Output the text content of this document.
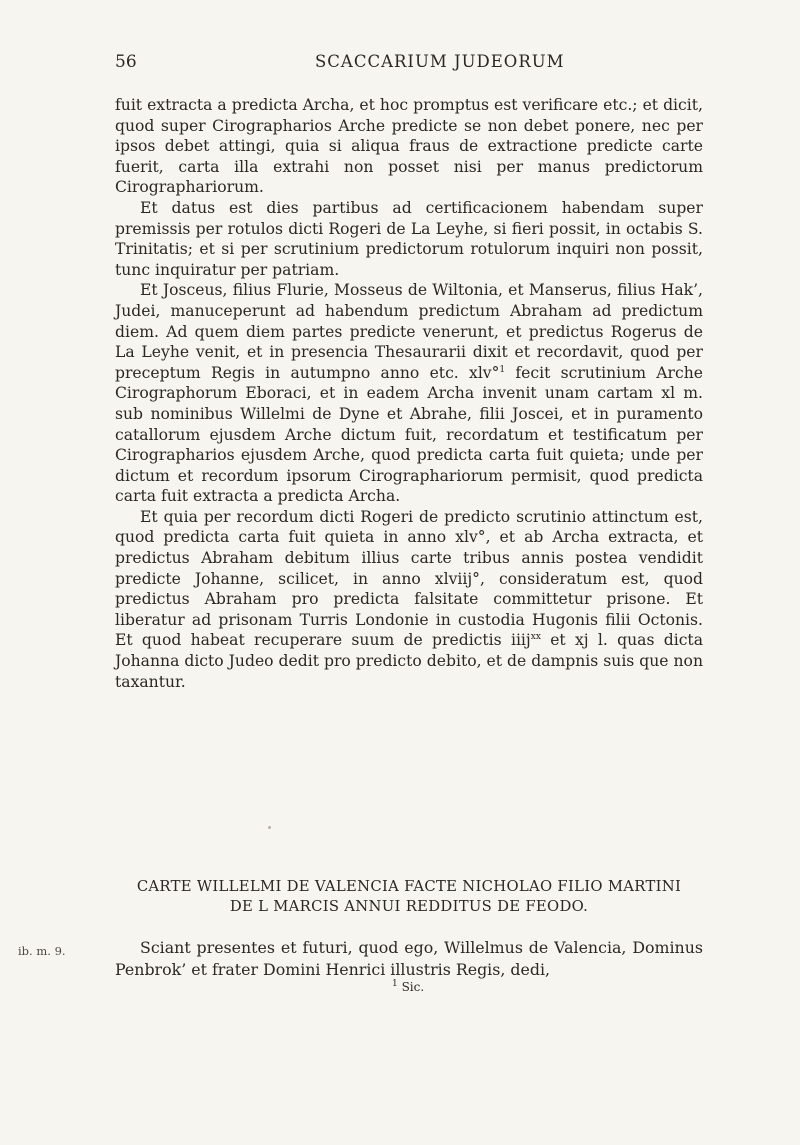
56	SCACCARIUM JUDEORUM

fuit extracta a predicta Archa, et hoc promptus est verificare etc.; et dicit, quod super Cirographarios Arche predicte se non debet ponere, nec per ipsos debet attingi, quia si aliqua fraus de extractione predicte carte fuerit, carta illa extrahi non posset nisi per manus predictorum Cirographariorum.

Et datus est dies partibus ad certificacionem habendam super premissis per rotulos dicti Rogeri de La Leyhe, si fieri possit, in octabis S. Trinitatis; et si per scrutinium predictorum rotulorum inquiri non possit, tunc inquiratur per patriam.

Et Josceus, filius Flurie, Mosseus de Wiltonia, et Manserus, filius Hak’, Judei, manuceperunt ad habendum predictum Abraham ad predictum diem. Ad quem diem partes predicte venerunt, et predictus Rogerus de La Leyhe venit, et in presencia Thesaurarii dixit et recordavit, quod per preceptum Regis in autumpno anno etc. xlv°$^1$ fecit scrutinium Arche Cirographorum Eboraci, et in eadem Archa invenit unam cartam xl m. sub nominibus Willelmi de Dyne et Abrahe, filii Joscei, et in puramento catallorum ejusdem Arche dictum fuit, recordatum et testificatum per Cirographarios ejusdem Arche, quod predicta carta fuit quieta; unde per dictum et recordum ipsorum Cirographariorum permisit, quod predicta carta fuit extracta a predicta Archa.

Et quia per recordum dicti Rogeri de predicto scrutinio attinctum est, quod predicta carta fuit quieta in anno xlv°, et ab Archa extracta, et predictus Abraham debitum illius carte tribus annis postea vendidit predicte Johanne, scilicet, in anno xlviij°, consideratum est, quod predictus Abraham pro predicta falsitate committetur prisone. Et liberatur ad prisonam Turris Londonie in custodia Hugonis filii Octonis. Et quod habeat recuperare suum de predictis iiij$^{xx}$ et xj l. quas dicta Johanna dicto Judeo dedit pro predicto debito, et de dampnis suis que non taxantur.

CARTE WILLELMI DE VALENCIA FACTE NICHOLAO FILIO MARTINI
DE L MARCIS ANNUI REDDITUS DE FEODO.
ib. m. 9.	Sciant presentes et futuri, quod ego, Willelmus de Valencia, Dominus Penbrok’ et frater Domini Henrici illustris Regis, dedi,

$^1$ Sic.
